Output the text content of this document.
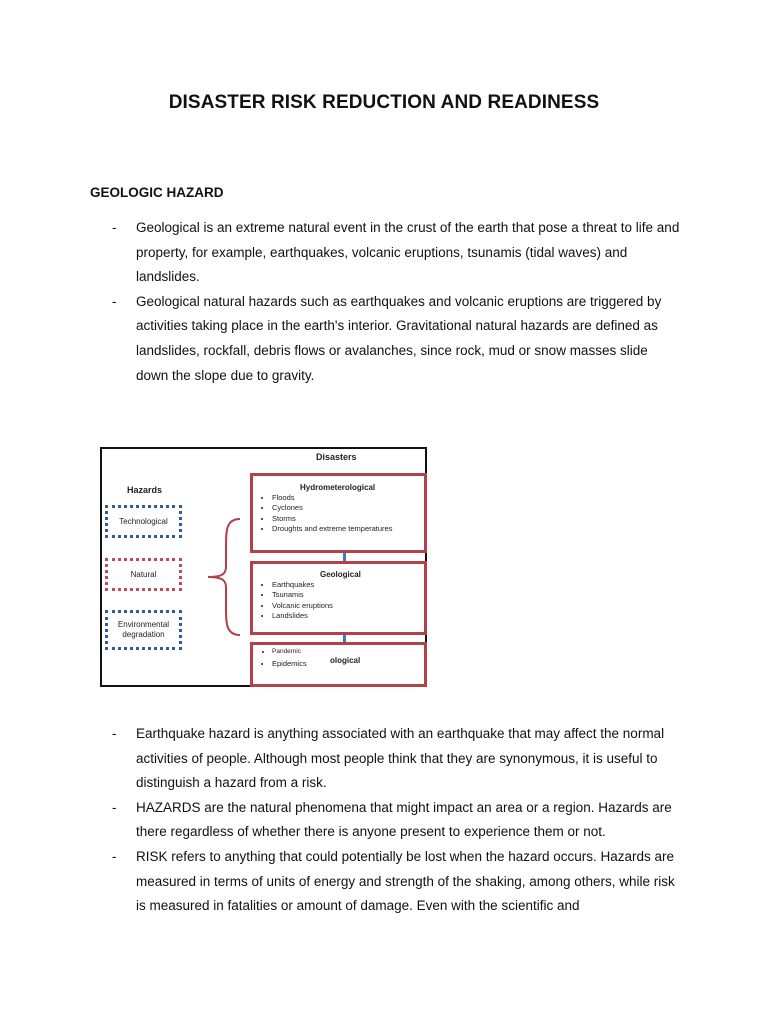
DISASTER RISK REDUCTION AND READINESS
GEOLOGIC HAZARD
- Geological is an extreme natural event in the crust of the earth that pose a threat to life and property, for example, earthquakes, volcanic eruptions, tsunamis (tidal waves) and landslides.
- Geological natural hazards such as earthquakes and volcanic eruptions are triggered by activities taking place in the earth's interior. Gravitational natural hazards are defined as landslides, rockfall, debris flows or avalanches, since rock, mud or snow masses slide down the slope due to gravity.
Disasters
Hazards
Technological
Natural
Environmental degradation
Hydrometerological
• Floods
• Cyclones
• Storms
• Droughts and extreme temperatures
Geological
• Earthquakes
• Tsunamis
• Volcanic eruptions
• Landslides
ological
• Pandemic
• Epidemics
- Earthquake hazard is anything associated with an earthquake that may affect the normal activities of people. Although most people think that they are synonymous, it is useful to distinguish a hazard from a risk.
- HAZARDS are the natural phenomena that might impact an area or a region. Hazards are there regardless of whether there is anyone present to experience them or not.
- RISK refers to anything that could potentially be lost when the hazard occurs. Hazards are measured in terms of units of energy and strength of the shaking, among others, while risk is measured in fatalities or amount of damage. Even with the scientific and
